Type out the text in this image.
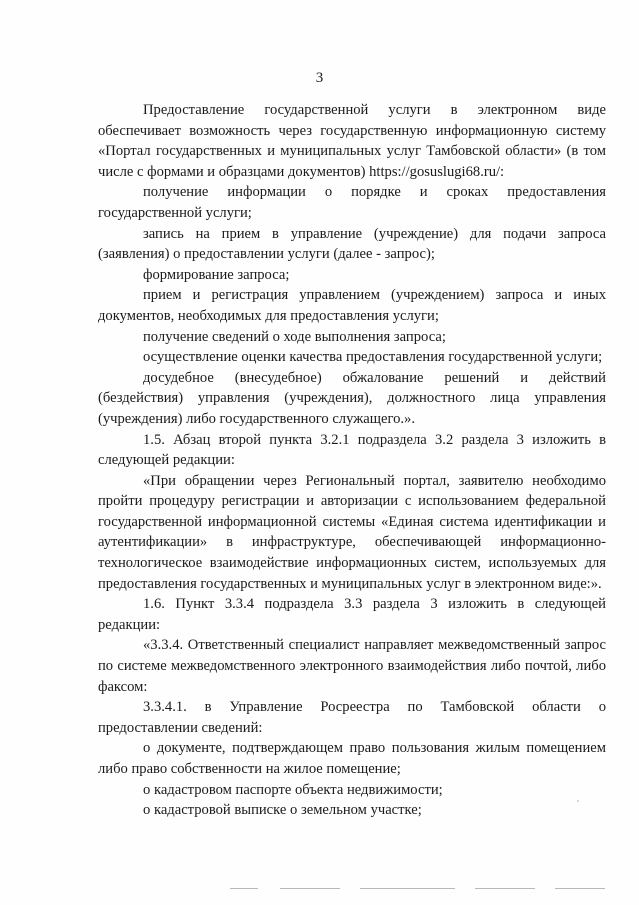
3

Предоставление государственной услуги в электронном виде обеспечивает возможность через государственную информационную систему «Портал государственных и муниципальных услуг Тамбовской области» (в том числе с формами и образцами документов) https://gosuslugi68.ru/:

получение информации о порядке и сроках предоставления государственной услуги;

запись на прием в управление (учреждение) для подачи запроса (заявления) о предоставлении услуги (далее - запрос);

формирование запроса;

прием и регистрация управлением (учреждением) запроса и иных документов, необходимых для предоставления услуги;

получение сведений о ходе выполнения запроса;

осуществление оценки качества предоставления государственной услуги;

досудебное (внесудебное) обжалование решений и действий (бездействия) управления (учреждения), должностного лица управления (учреждения) либо государственного служащего.».

1.5. Абзац второй пункта 3.2.1 подраздела 3.2 раздела 3 изложить в следующей редакции:

«При обращении через Региональный портал, заявителю необходимо пройти процедуру регистрации и авторизации с использованием федеральной государственной информационной системы «Единая система идентификации и аутентификации» в инфраструктуре, обеспечивающей информационно-технологическое взаимодействие информационных систем, используемых для предоставления государственных и муниципальных услуг в электронном виде:».

1.6. Пункт 3.3.4 подраздела 3.3 раздела 3 изложить в следующей редакции:

«3.3.4. Ответственный специалист направляет межведомственный запрос по системе межведомственного электронного взаимодействия либо почтой, либо факсом:

3.3.4.1. в Управление Росреестра по Тамбовской области о предоставлении сведений:

о документе, подтверждающем право пользования жилым помещением либо право собственности на жилое помещение;

о кадастровом паспорте объекта недвижимости;

о кадастровой выписке о земельном участке;
